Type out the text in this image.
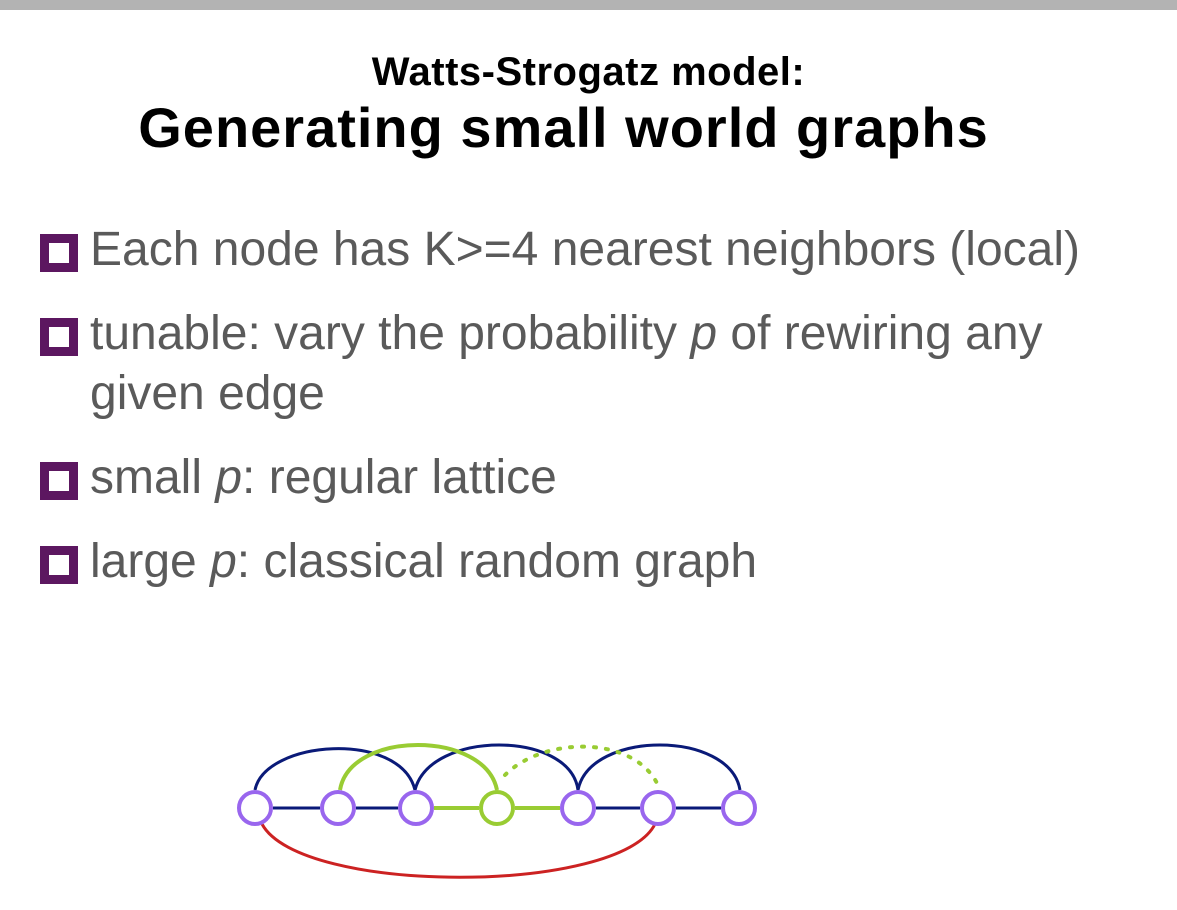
Watts-Strogatz model:
Generating small world graphs
Each node has K>=4 nearest neighbors (local)
tunable: vary the probability p of rewiring any given edge
small p: regular lattice
large p: classical random graph
